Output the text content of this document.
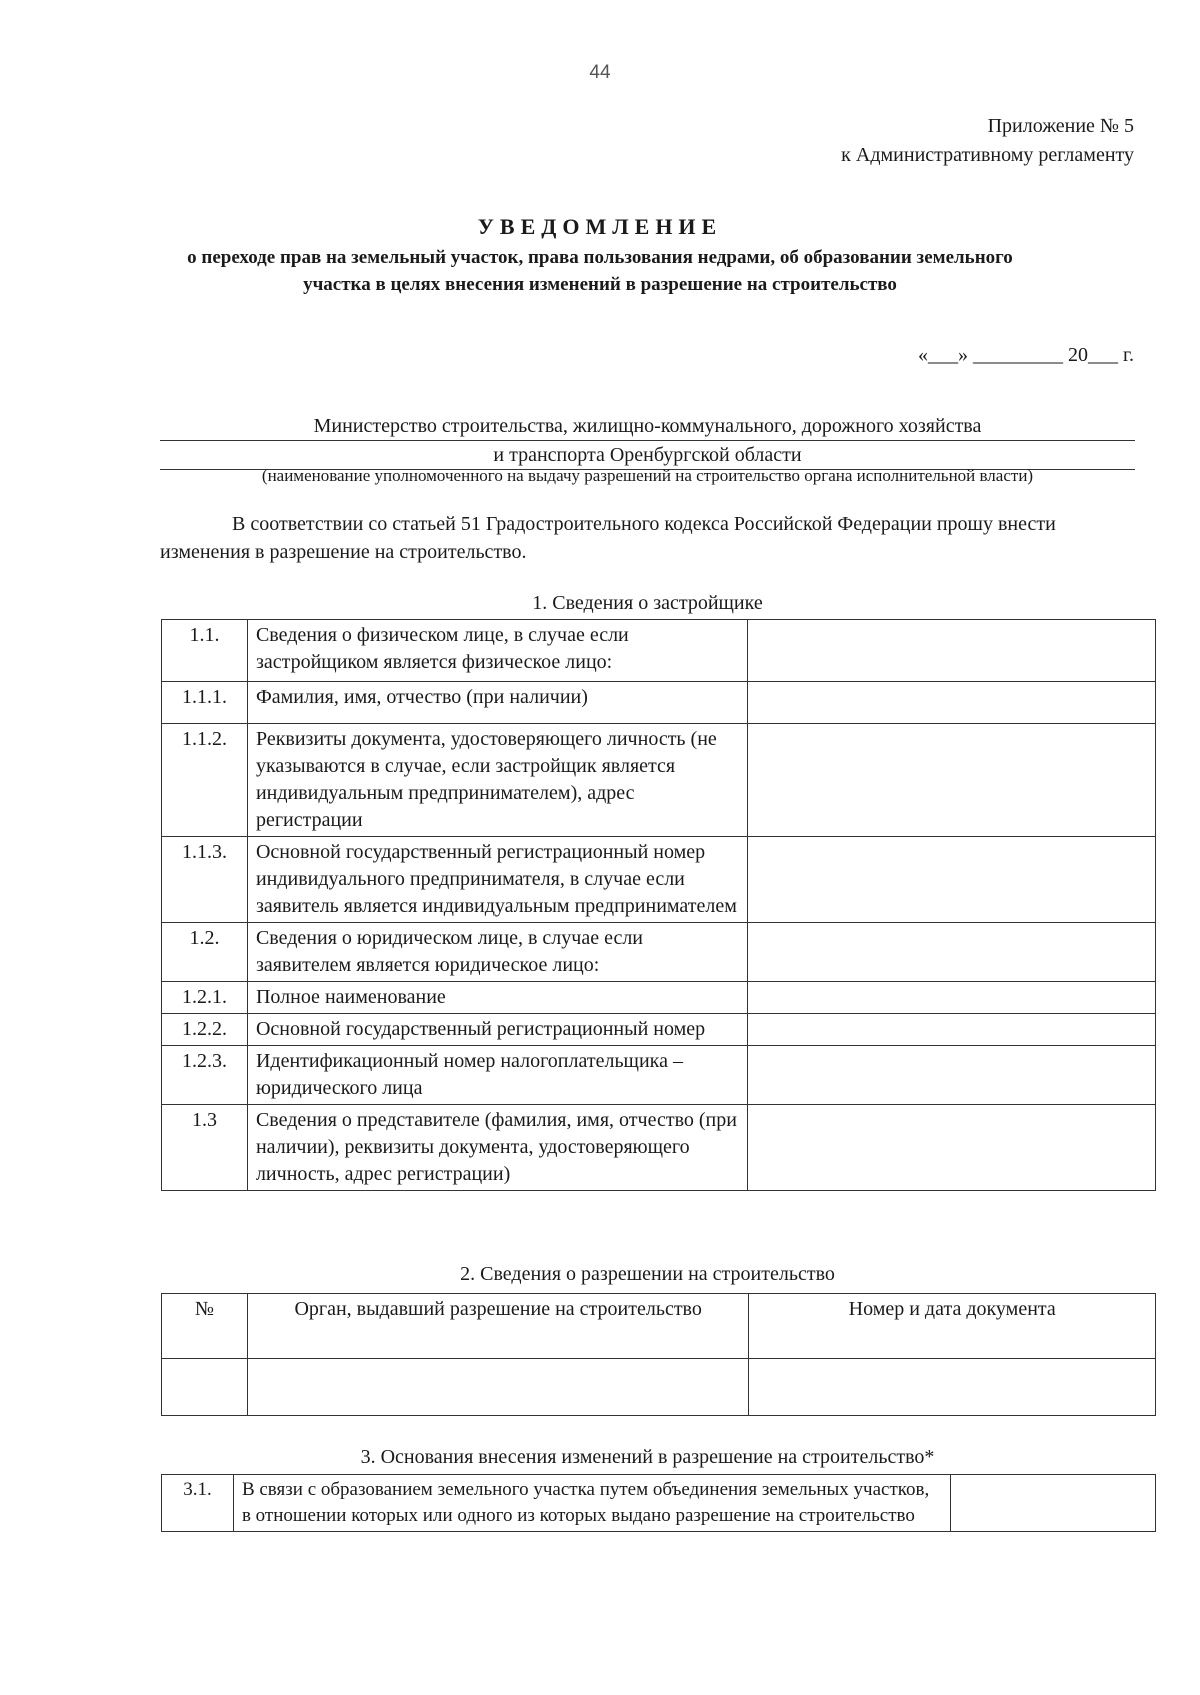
44
Приложение № 5
к Административному регламенту
УВЕДОМЛЕНИЕ
о переходе прав на земельный участок, права пользования недрами, об образовании земельного участка в целях внесения изменений в разрешение на строительство
«___» _________ 20___ г.
Министерство строительства, жилищно-коммунального, дорожного хозяйства
и транспорта Оренбургской области
(наименование уполномоченного на выдачу разрешений на строительство органа исполнительной власти)
В соответствии со статьей 51 Градостроительного кодекса Российской Федерации прошу внести изменения в разрешение на строительство.
1. Сведения о застройщике
1.1.	Сведения о физическом лице, в случае если застройщиком является физическое лицо:	
1.1.1.	Фамилия, имя, отчество (при наличии)	
1.1.2.	Реквизиты документа, удостоверяющего личность (не указываются в случае, если застройщик является индивидуальным предпринимателем), адрес регистрации	
1.1.3.	Основной государственный регистрационный номер индивидуального предпринимателя, в случае если заявитель является индивидуальным предпринимателем	
1.2.	Сведения о юридическом лице, в случае если заявителем является юридическое лицо:	
1.2.1.	Полное наименование	
1.2.2.	Основной государственный регистрационный номер	
1.2.3.	Идентификационный номер налогоплательщика – юридического лица	
1.3	Сведения о представителе (фамилия, имя, отчество (при наличии), реквизиты документа, удостоверяющего личность, адрес регистрации)	
2. Сведения о разрешении на строительство
№	Орган, выдавший разрешение на строительство	Номер и дата документа

3. Основания внесения изменений в разрешение на строительство*
3.1.	В связи с образованием земельного участка путем объединения земельных участков, в отношении которых или одного из которых выдано разрешение на строительство	
